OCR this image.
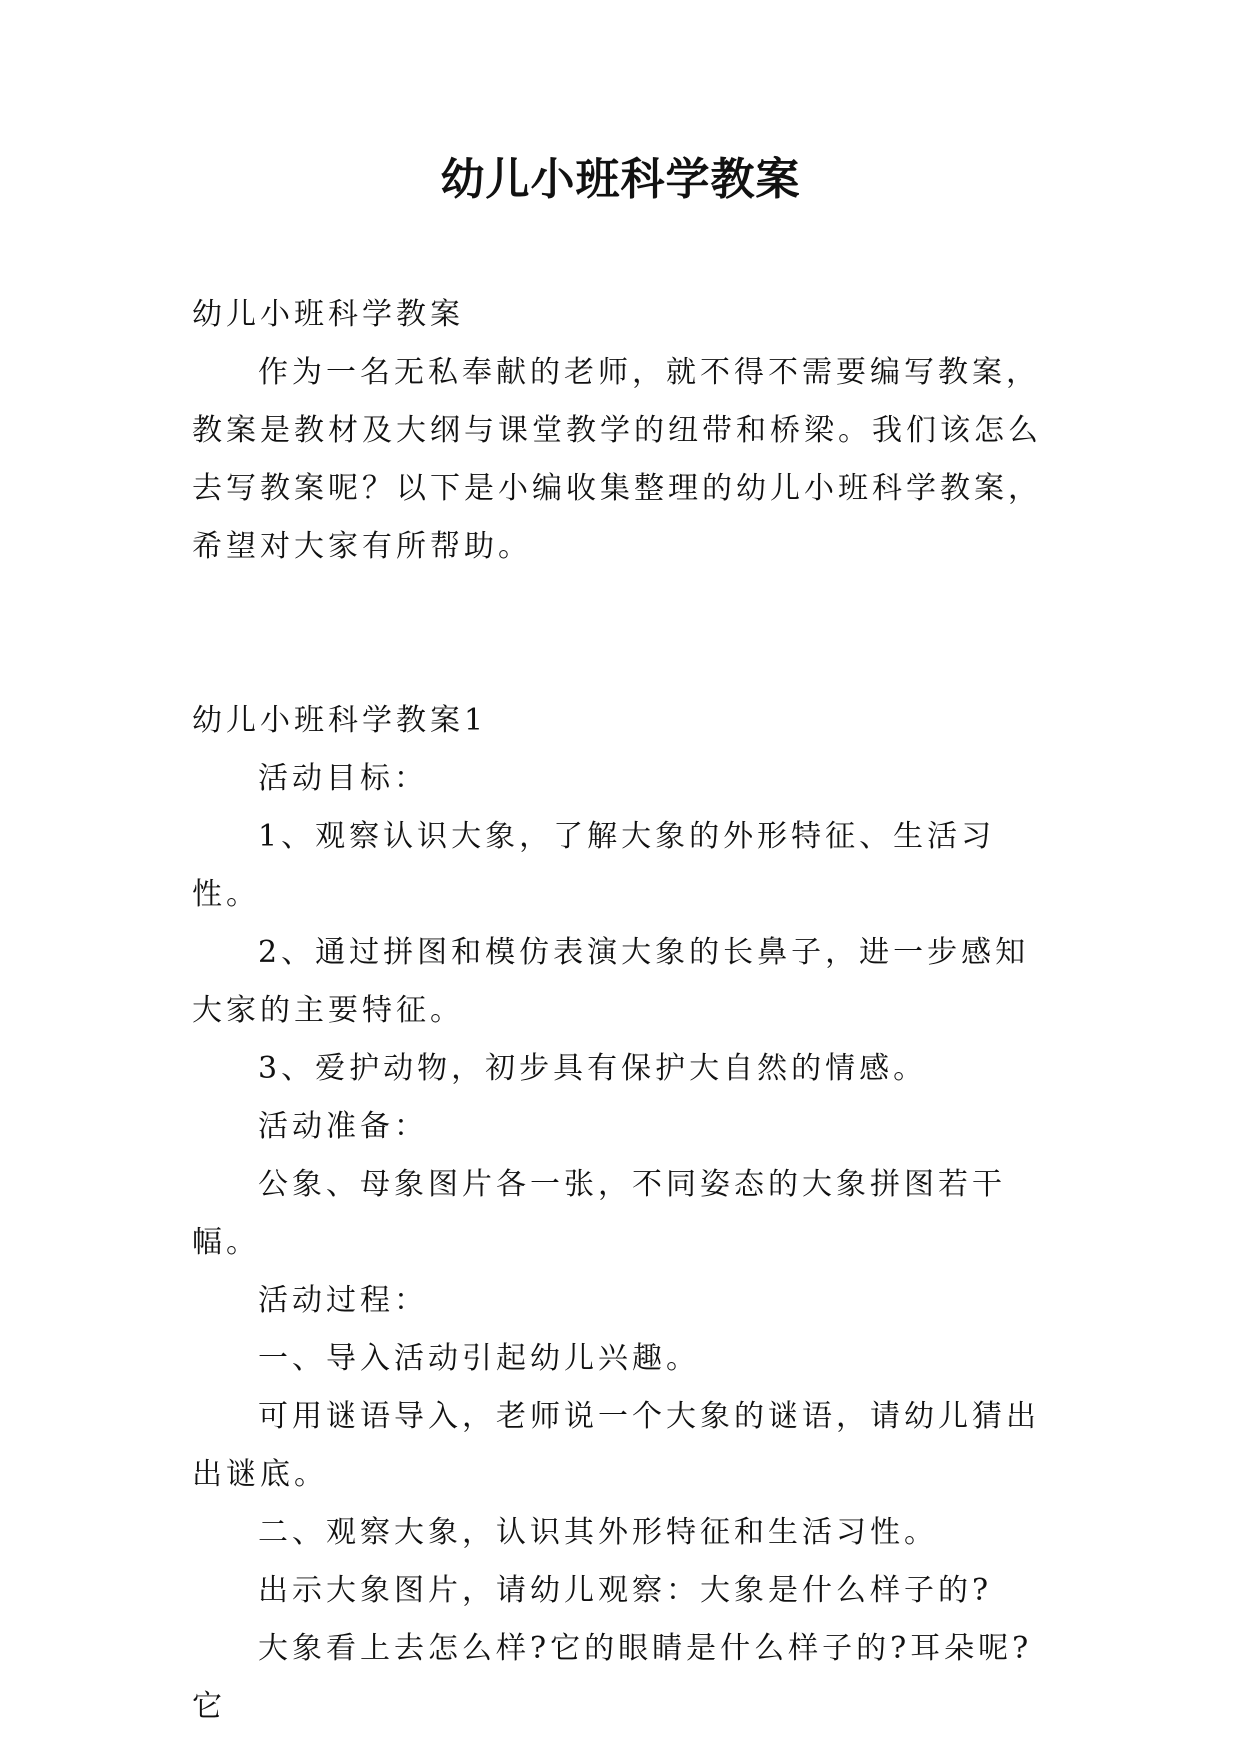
幼儿小班科学教案

幼儿小班科学教案

作为一名无私奉献的老师，就不得不需要编写教案，教案是教材及大纲与课堂教学的纽带和桥梁。我们该怎么去写教案呢？以下是小编收集整理的幼儿小班科学教案，希望对大家有所帮助。

幼儿小班科学教案1

活动目标：

1、观察认识大象，了解大象的外形特征、生活习性。

2、通过拼图和模仿表演大象的长鼻子，进一步感知大家的主要特征。

3、爱护动物，初步具有保护大自然的情感。

活动准备：

公象、母象图片各一张，不同姿态的大象拼图若干幅。

活动过程：

一、导入活动引起幼儿兴趣。

可用谜语导入，老师说一个大象的谜语，请幼儿猜出出谜底。

二、观察大象，认识其外形特征和生活习性。

出示大象图片，请幼儿观察：大象是什么样子的?

大象看上去怎么样?它的眼睛是什么样子的?耳朵呢?它
